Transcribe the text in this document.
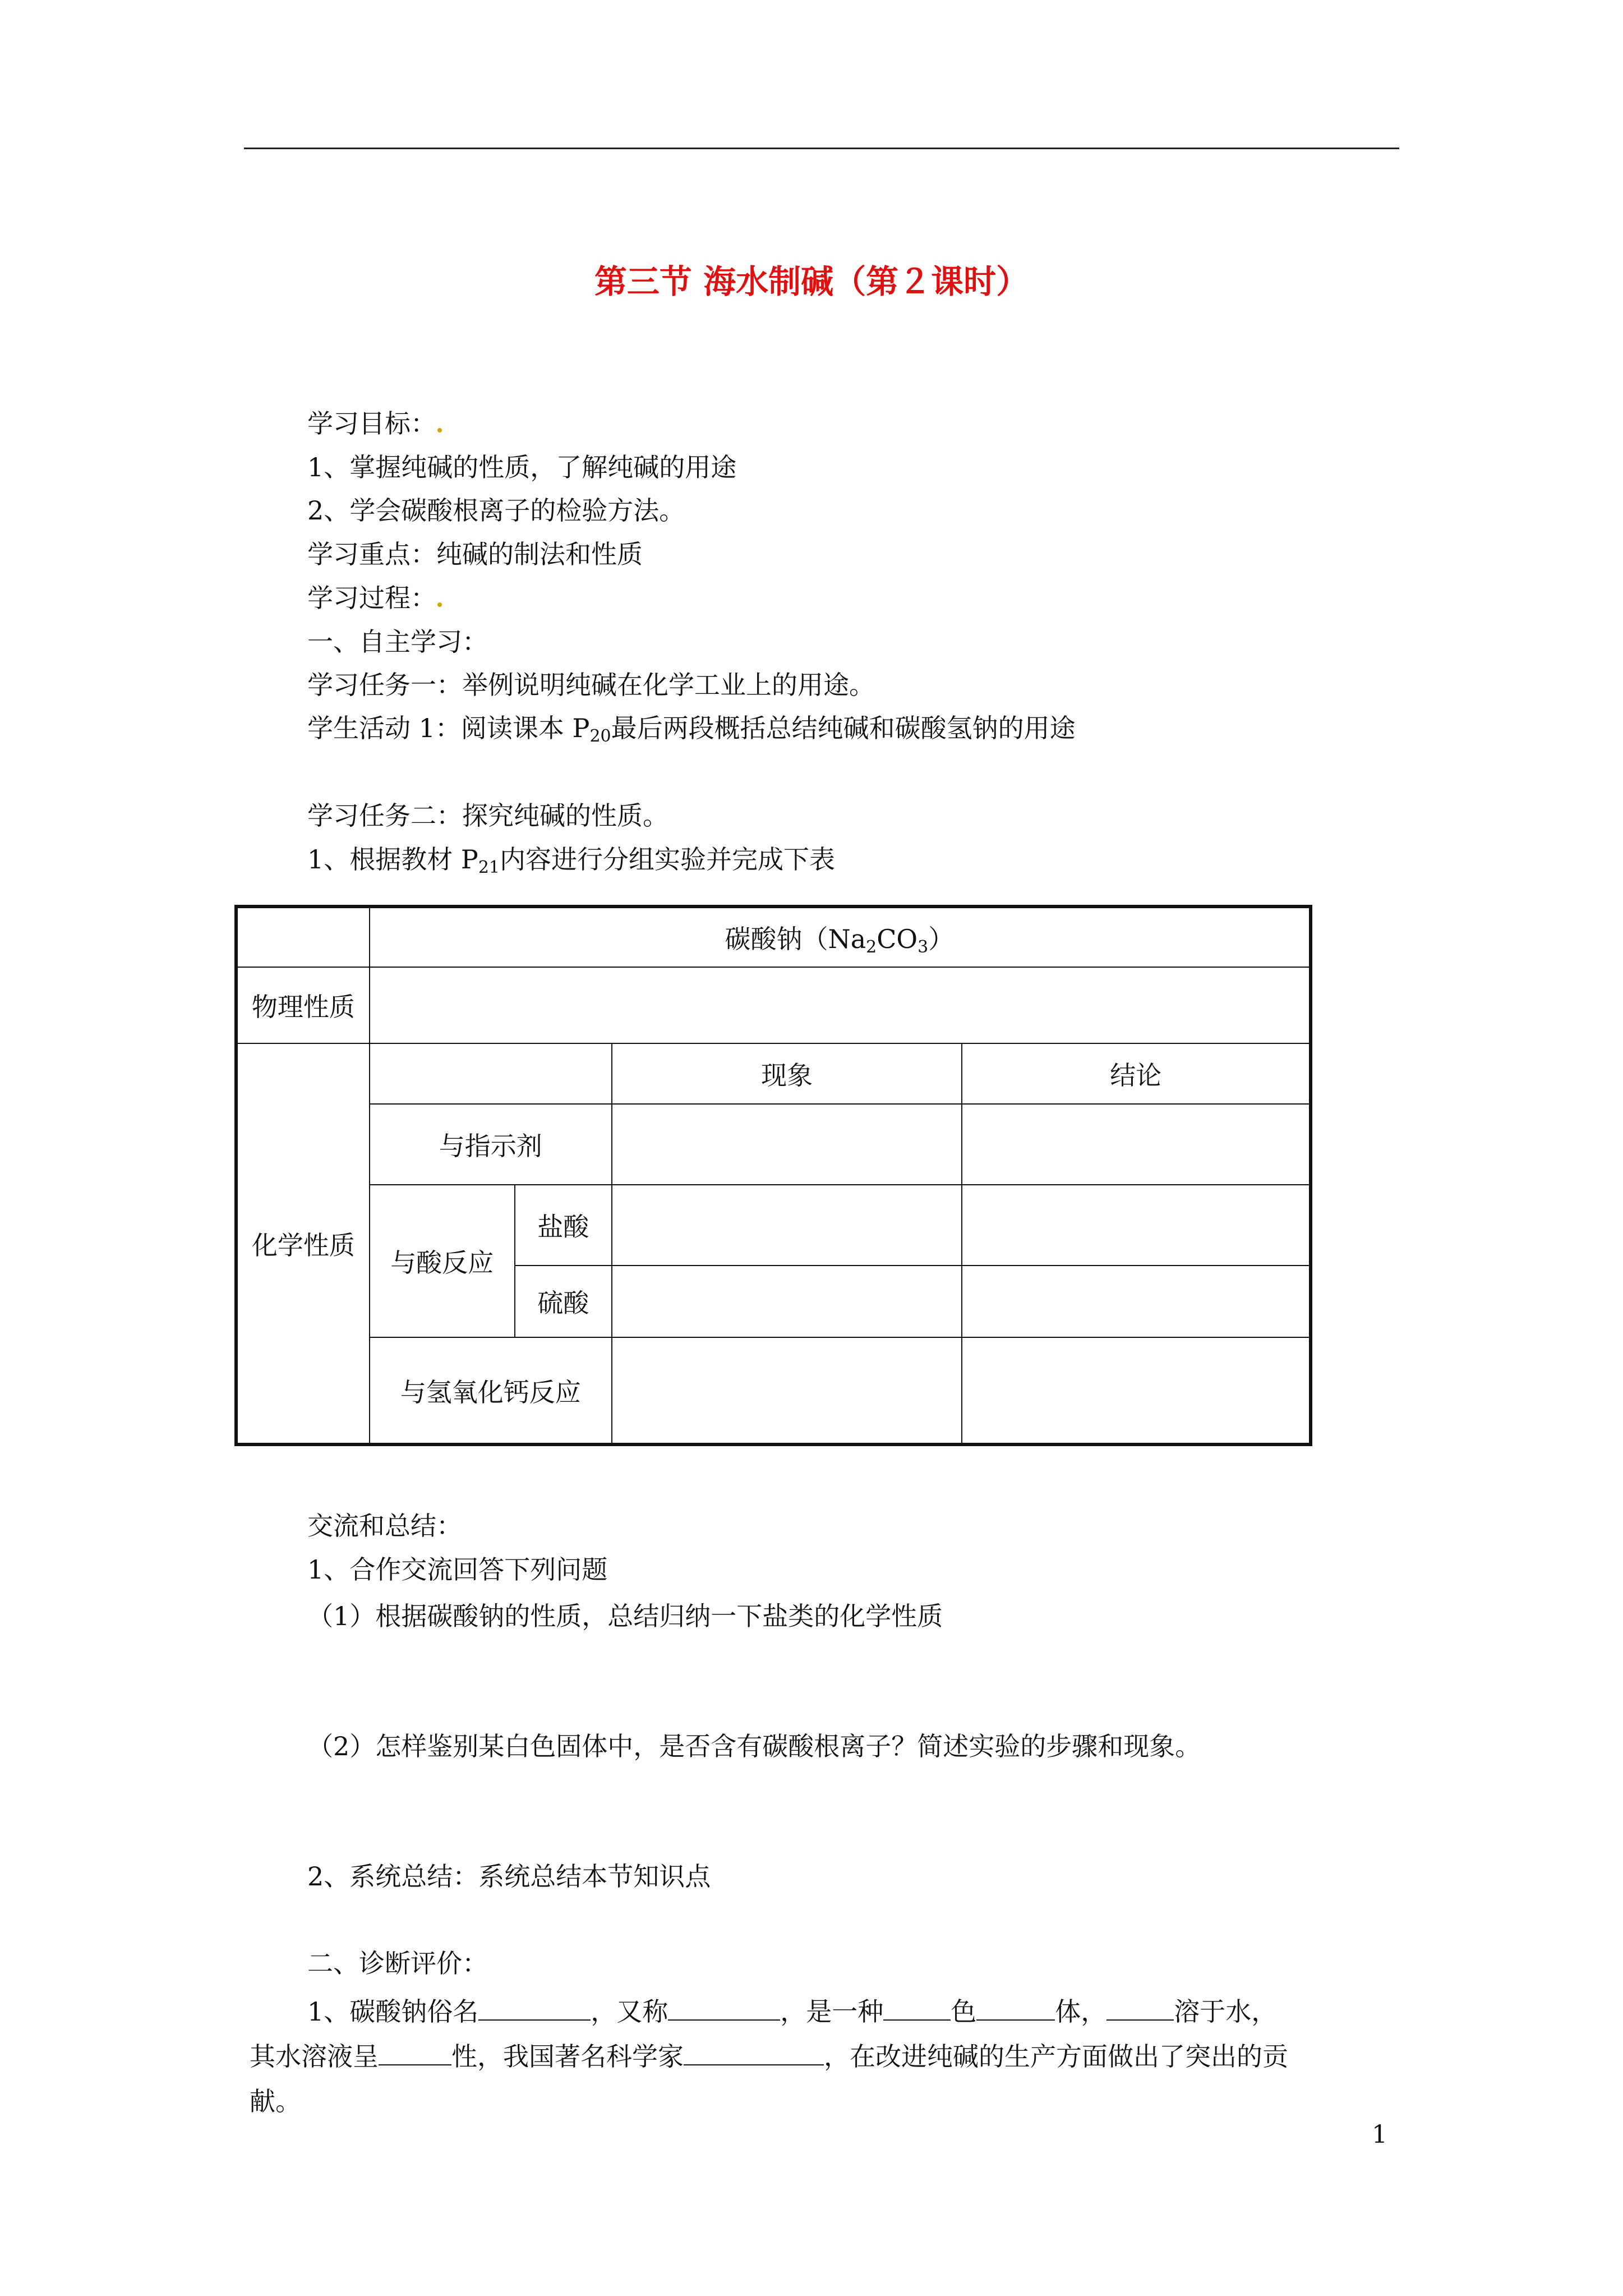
第三节 海水制碱（第２课时）
学习目标：
1、掌握纯碱的性质，了解纯碱的用途
2、学会碳酸根离子的检验方法。
学习重点：纯碱的制法和性质
学习过程：
一、自主学习：
学习任务一：举例说明纯碱在化学工业上的用途。
学生活动 1：阅读课本 $P_{20}$最后两段概括总结纯碱和碳酸氢钠的用途
学习任务二：探究纯碱的性质。
1、根据教材 $P_{21}$内容进行分组实验并完成下表
	碳酸钠$(Na_2CO_3)$			
物理性质				
化学性质			现象	结论
	与指示剂			
	与酸反应	盐酸		
		硫酸		
	与氢氧化钙反应			
交流和总结：
1、合作交流回答下列问题
（1）根据碳酸钠的性质，总结归纳一下盐类的化学性质
（2）怎样鉴别某白色固体中，是否含有碳酸根离子？简述实验的步骤和现象。
2、系统总结：系统总结本节知识点
二、诊断评价：
1、碳酸钠俗名	，又称	，是一种	色	体，	溶于水，
其水溶液呈	性，我国著名科学家	，在改进纯碱的生产方面做出了突出的贡
献。
1
